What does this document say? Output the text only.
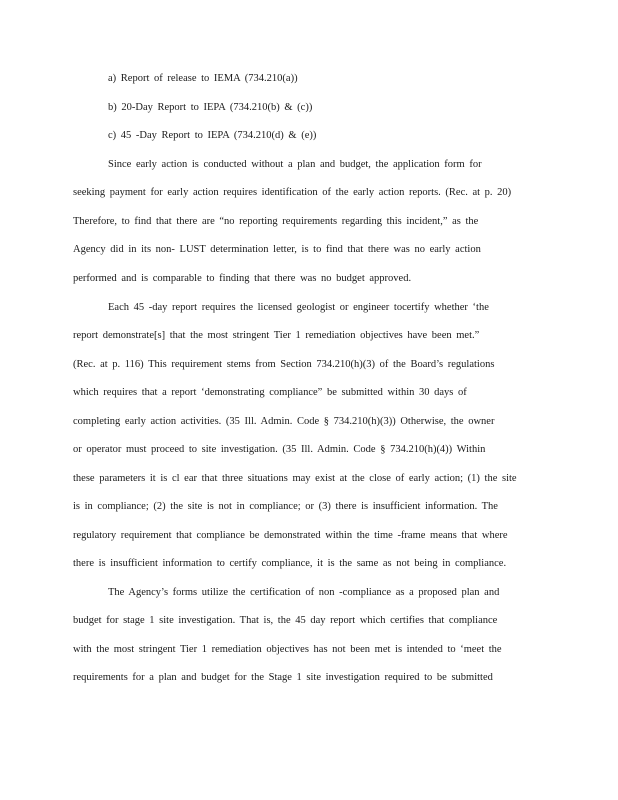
a) Report of release to IEMA (734.210(a))

b) 20-Day Report to IEPA (734.210(b) & (c))

c) 45 -Day Report to IEPA (734.210(d) & (e))

Since early action is conducted without a plan and budget, the application form for

seeking payment for early action requires identification of the early action reports. (Rec. at p. 20)

Therefore, to find that there are “no reporting requirements regarding this incident,” as the

Agency did in its non- LUST determination letter, is to find that there was no early action

performed and is comparable to finding that there was no budget approved.

Each 45 -day report requires the licensed geologist or engineer tocertify whether ‘the

report demonstrate[s] that the most stringent Tier 1 remediation objectives have been met.”

(Rec. at p. 116) This requirement stems from Section 734.210(h)(3) of the Board’s regulations

which requires that a report ‘demonstrating compliance” be submitted within 30 days of

completing early action activities. (35 Ill. Admin. Code § 734.210(h)(3)) Otherwise, the owner

or operator must proceed to site investigation. (35 Ill. Admin. Code § 734.210(h)(4)) Within

these parameters it is cl ear that three situations may exist at the close of early action; (1) the site

is in compliance; (2) the site is not in compliance; or (3) there is insufficient information. The

regulatory requirement that compliance be demonstrated within the time -frame means that where

there is insufficient information to certify compliance, it is the same as not being in compliance.

The Agency’s forms utilize the certification of non -compliance as a proposed plan and

budget for stage 1 site investigation. That is, the 45 day report which certifies that compliance

with the most stringent Tier 1 remediation objectives has not been met is intended to ‘meet the

requirements for a plan and budget for the Stage 1 site investigation required to be submitted
